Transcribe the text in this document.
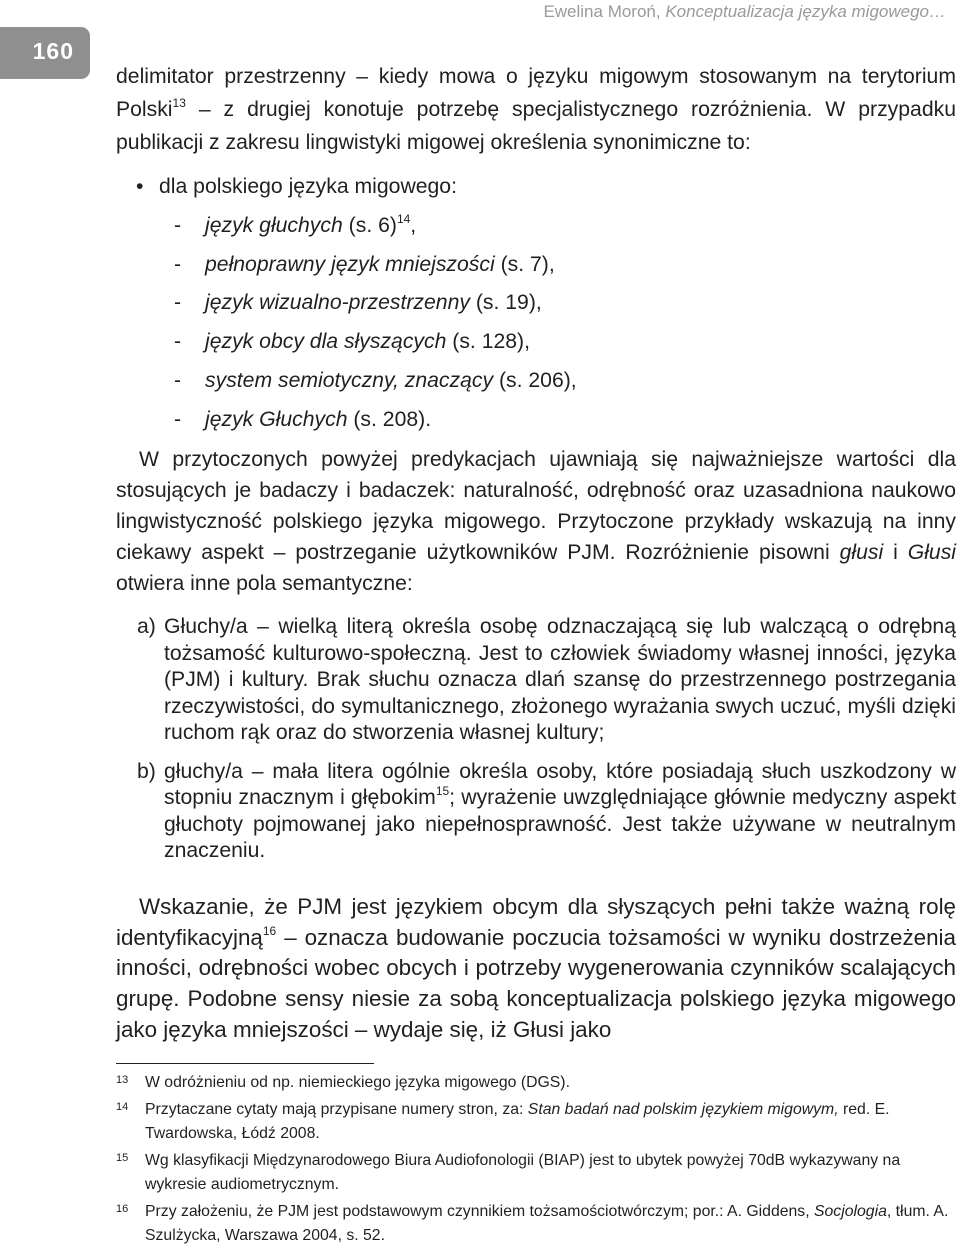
Ewelina Moroń, Konceptualizacja języka migowego…
160

delimitator przestrzenny – kiedy mowa o języku migowym stosowanym na terytorium Polski$^{13}$ – z drugiej konotuje potrzebę specjalistycznego rozróżnienia. W przypadku publikacji z zakresu lingwistyki migowej określenia synonimiczne to:

• dla polskiego języka migowego:
-	język głuchych (s. 6)$^{14}$,
-	pełnoprawny język mniejszości (s. 7),
-	język wizualno-przestrzenny (s. 19),
-	język obcy dla słyszących (s. 128),
-	system semiotyczny, znaczący (s. 206),
-	język Głuchych (s. 208).

W przytoczonych powyżej predykacjach ujawniają się najważniejsze wartości dla stosujących je badaczy i badaczek: naturalność, odrębność oraz uzasadniona naukowo lingwistyczność polskiego języka migowego. Przytoczone przykłady wskazują na inny ciekawy aspekt – postrzeganie użytkowników PJM. Rozróżnienie pisowni głusi i Głusi otwiera inne pola semantyczne:

a) Głuchy/a – wielką literą określa osobę odznaczającą się lub walczącą o odrębną tożsamość kulturowo-społeczną. Jest to człowiek świadomy własnej inności, języka (PJM) i kultury. Brak słuchu oznacza dlań szansę do przestrzennego postrzegania rzeczywistości, do symultanicznego, złożonego wyrażania swych uczuć, myśli dzięki ruchom rąk oraz do stworzenia własnej kultury;
b) głuchy/a – mała litera ogólnie określa osoby, które posiadają słuch uszkodzony w stopniu znacznym i głębokim$^{15}$; wyrażenie uwzględniające głównie medyczny aspekt głuchoty pojmowanej jako niepełnosprawność. Jest także używane w neutralnym znaczeniu.

Wskazanie, że PJM jest językiem obcym dla słyszących pełni także ważną rolę identyfikacyjną$^{16}$ – oznacza budowanie poczucia tożsamości w wyniku dostrzeżenia inności, odrębności wobec obcych i potrzeby wygenerowania czynników scalających grupę. Podobne sensy niesie za sobą konceptualizacja polskiego języka migowego jako języka mniejszości – wydaje się, iż Głusi jako

13 W odróżnieniu od np. niemieckiego języka migowego (DGS).
14 Przytaczane cytaty mają przypisane numery stron, za: Stan badań nad polskim językiem migowym, red. E. Twardowska, Łódź 2008.
15 Wg klasyfikacji Międzynarodowego Biura Audiofonologii (BIAP) jest to ubytek powyżej 70dB wykazywany na wykresie audiometrycznym.
16 Przy założeniu, że PJM jest podstawowym czynnikiem tożsamościotwórczym; por.: A. Giddens, Socjologia, tłum. A. Szulżycka, Warszawa 2004, s. 52.
